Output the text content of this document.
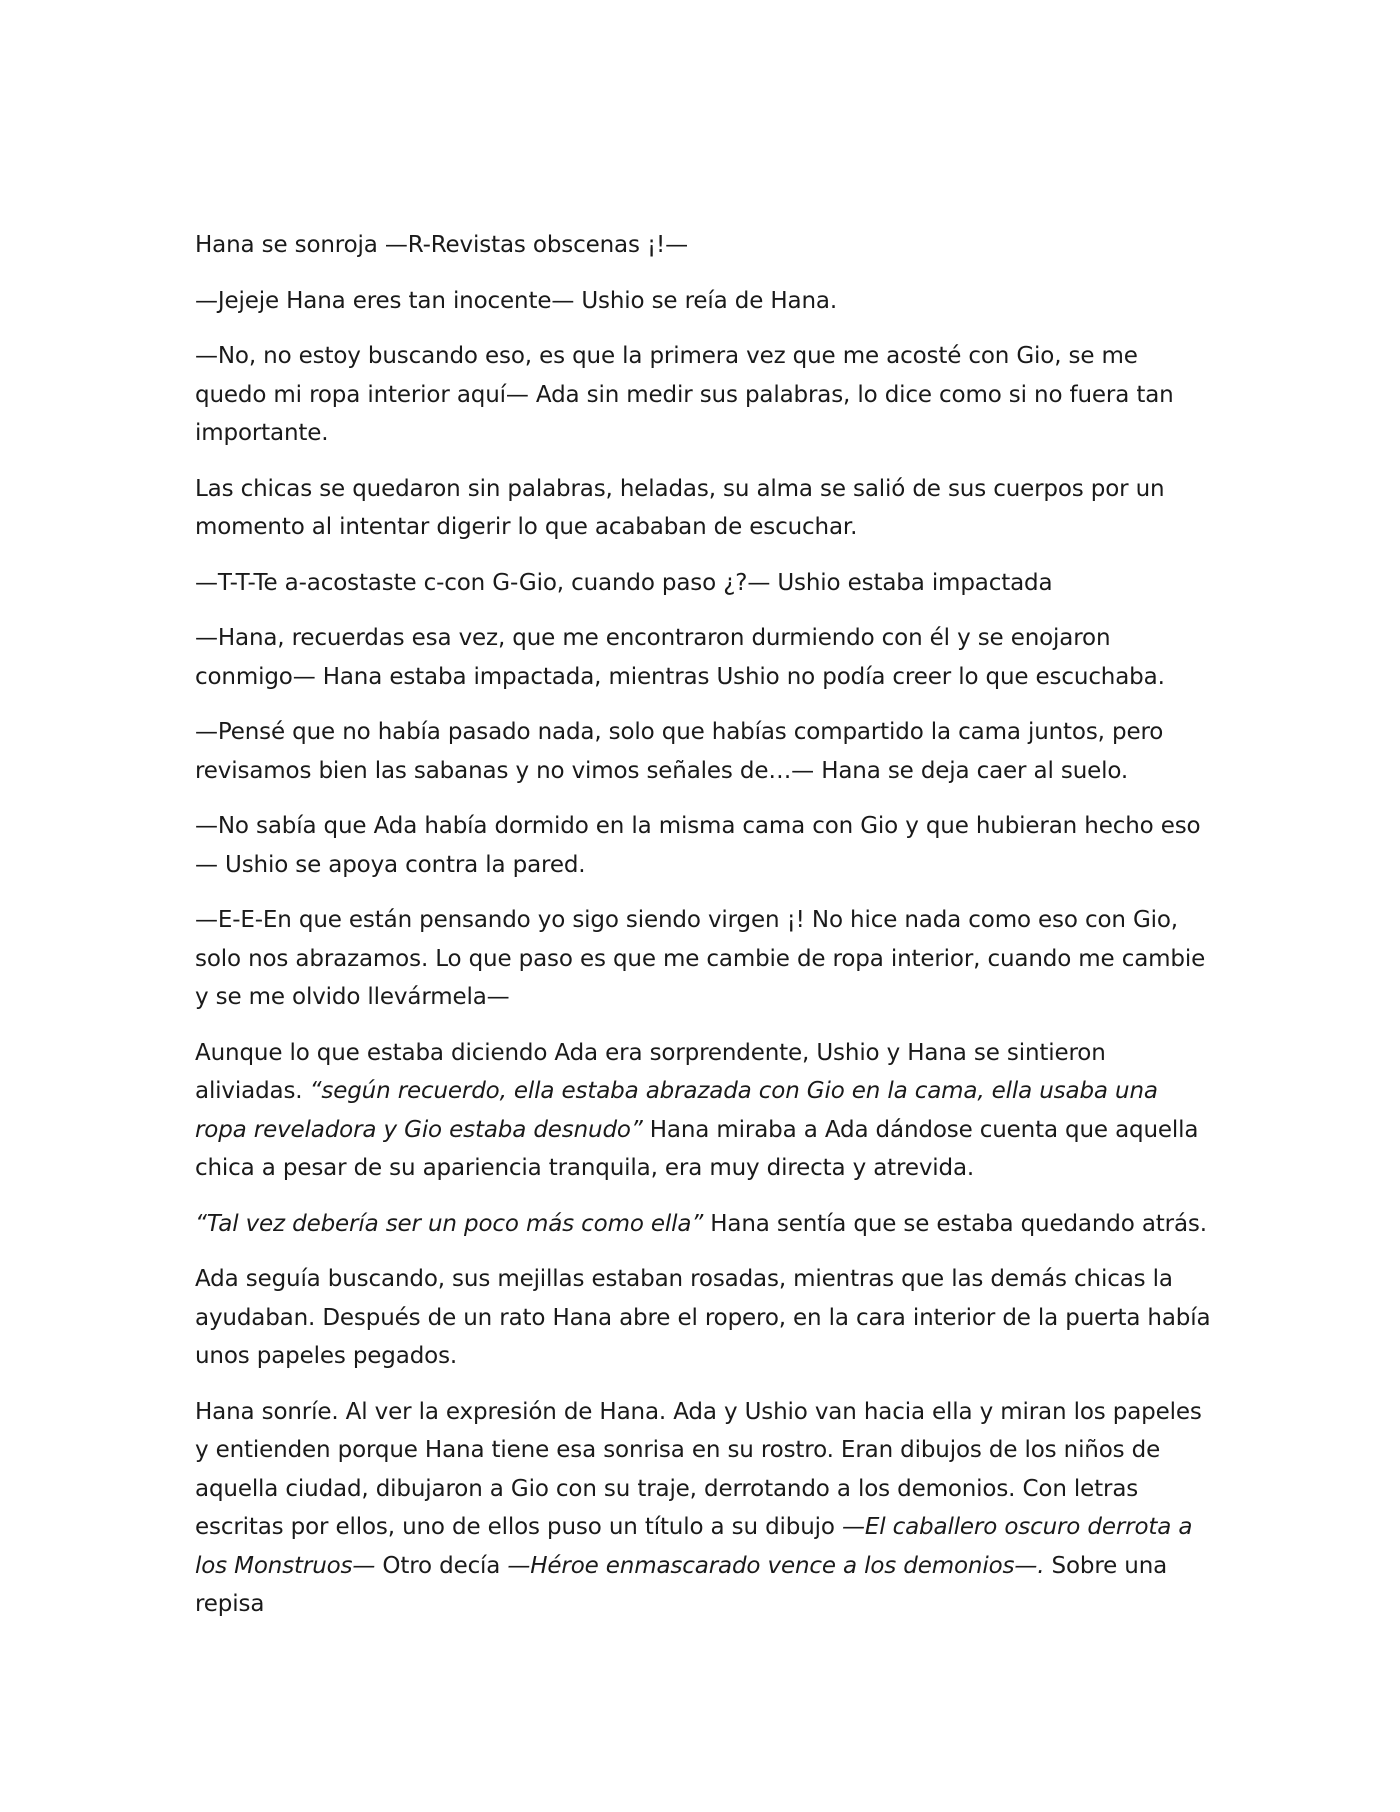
Hana se sonroja —R-Revistas obscenas ¡!—

—Jejeje Hana eres tan inocente— Ushio se reía de Hana.

—No, no estoy buscando eso, es que la primera vez que me acosté con Gio, se me quedo mi ropa interior aquí— Ada sin medir sus palabras, lo dice como si no fuera tan importante.

Las chicas se quedaron sin palabras, heladas, su alma se salió de sus cuerpos por un momento al intentar digerir lo que acababan de escuchar.

—T-T-Te a-acostaste c-con G-Gio, cuando paso ¿?— Ushio estaba impactada

—Hana, recuerdas esa vez, que me encontraron durmiendo con él y se enojaron conmigo— Hana estaba impactada, mientras Ushio no podía creer lo que escuchaba.

—Pensé que no había pasado nada, solo que habías compartido la cama juntos, pero revisamos bien las sabanas y no vimos señales de…— Hana se deja caer al suelo.

—No sabía que Ada había dormido en la misma cama con Gio y que hubieran hecho eso— Ushio se apoya contra la pared.

—E-E-En que están pensando yo sigo siendo virgen ¡! No hice nada como eso con Gio, solo nos abrazamos. Lo que paso es que me cambie de ropa interior, cuando me cambie y se me olvido llevármela—

Aunque lo que estaba diciendo Ada era sorprendente, Ushio y Hana se sintieron aliviadas. “según recuerdo, ella estaba abrazada con Gio en la cama, ella usaba una ropa reveladora y Gio estaba desnudo” Hana miraba a Ada dándose cuenta que aquella chica a pesar de su apariencia tranquila, era muy directa y atrevida.

“Tal vez debería ser un poco más como ella” Hana sentía que se estaba quedando atrás.

Ada seguía buscando, sus mejillas estaban rosadas, mientras que las demás chicas la ayudaban. Después de un rato Hana abre el ropero, en la cara interior de la puerta había unos papeles pegados.

Hana sonríe. Al ver la expresión de Hana. Ada y Ushio van hacia ella y miran los papeles y entienden porque Hana tiene esa sonrisa en su rostro. Eran dibujos de los niños de aquella ciudad, dibujaron a Gio con su traje, derrotando a los demonios. Con letras escritas por ellos, uno de ellos puso un título a su dibujo —El caballero oscuro derrota a los Monstruos— Otro decía —Héroe enmascarado vence a los demonios—. Sobre una repisa
